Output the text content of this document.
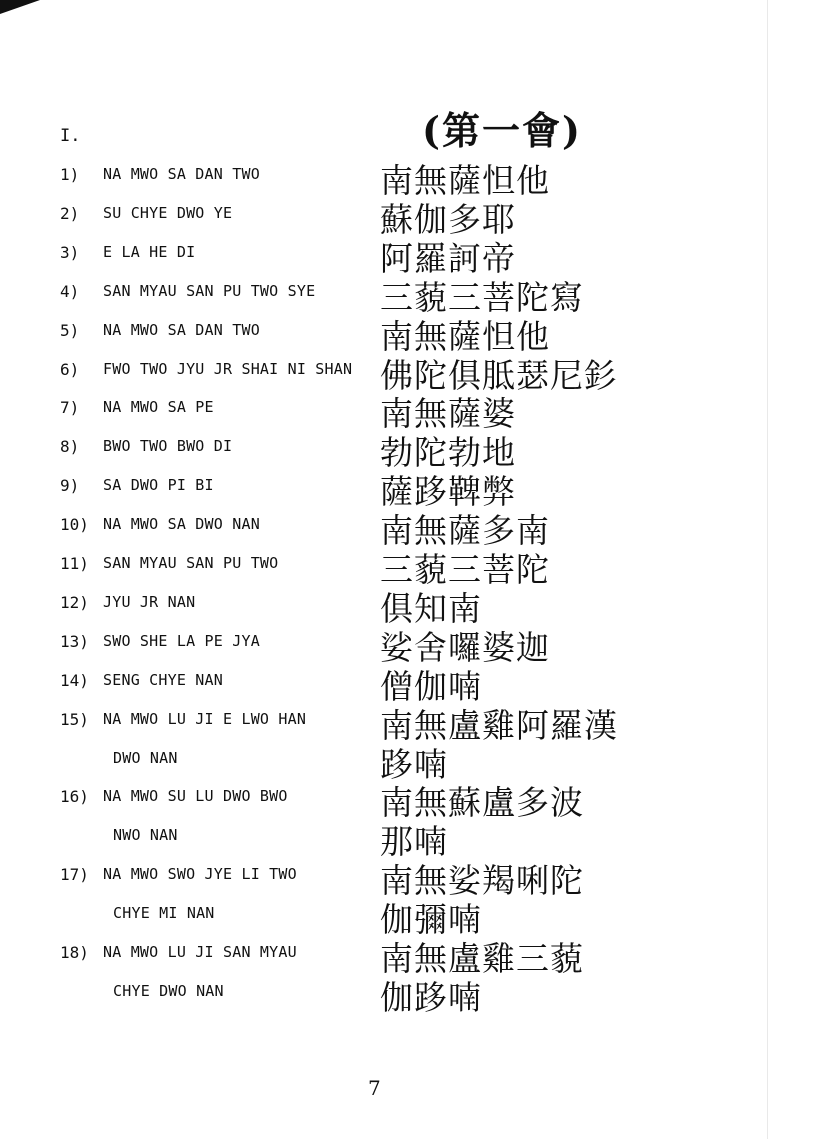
I.	(第一會)
1) NA MWO SA DAN TWO	南無薩怛他
2) SU CHYE DWO YE	蘇伽多耶
3) E LA HE DI	阿羅訶帝
4) SAN MYAU SAN PU TWO SYE 三藐三菩陀寫
5) NA MWO SA DAN TWO	南無薩怛他
6) FWO TWO JYU JR SHAI NI SHAN 佛陀俱胝瑟尼釤
7) NA MWO SA PE	南無薩婆
8) BWO TWO BWO DI	勃陀勃地
9) SA DWO PI BI	薩跢鞞弊
10) NA MWO SA DWO NAN	南無薩多南
11) SAN MYAU SAN PU TWO	三藐三菩陀
12) JYU JR NAN	俱知南
13) SWO SHE LA PE JYA	娑舍囉婆迦
14) SENG CHYE NAN	僧伽喃
15) NA MWO LU JI E LWO HAN 南無盧雞阿羅漢
DWO NAN	跢喃
16) NA MWO SU LU DWO BWO	南無蘇盧多波
NWO NAN	那喃
17) NA MWO SWO JYE LI TWO	南無娑羯唎陀
CHYE MI NAN	伽彌喃
18) NA MWO LU JI SAN MYAU	南無盧雞三藐
CHYE DWO NAN	伽跢喃
7
